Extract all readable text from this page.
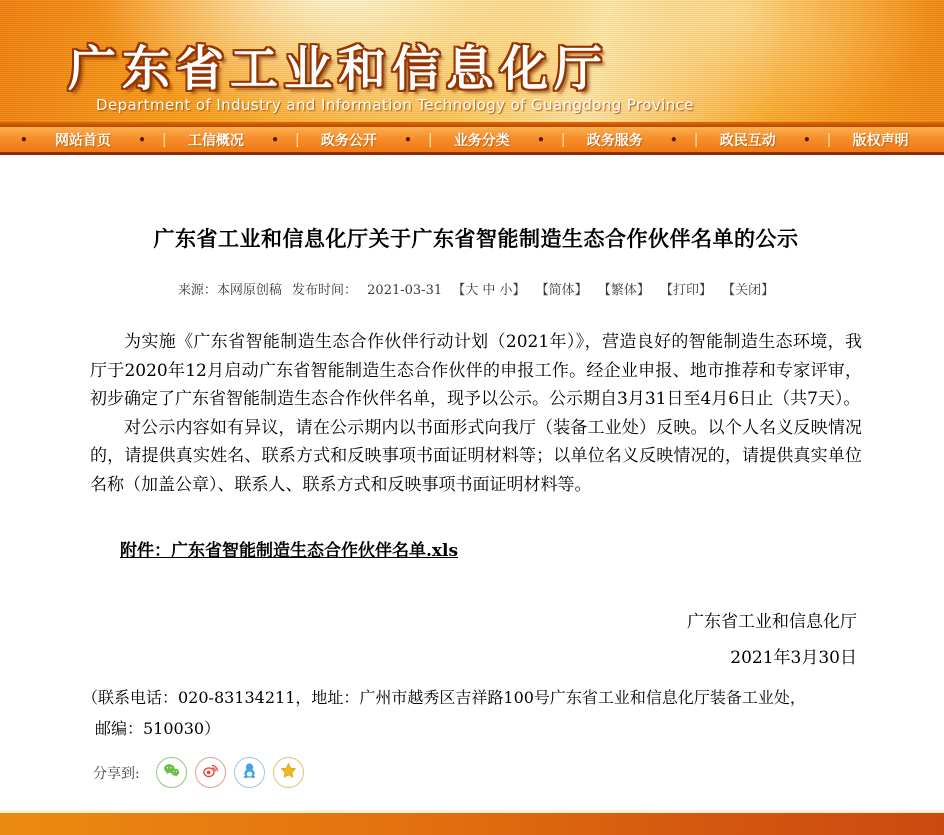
广东省工业和信息化厅
Department of Industry and Information Technology of Guangdong Province
• 网站首页	• | 工信概况	• | 政务公开	• | 业务分类	• | 政务服务	• | 政民互动	• | 版权声明
广东省工业和信息化厅关于广东省智能制造生态合作伙伴名单的公示
来源：本网原创稿 发布时间： 2021-03-31 【大 中 小】 【简体】 【繁体】 【打印】 【关闭】

为实施《广东省智能制造生态合作伙伴行动计划（2021年）》，营造良好的智能制造生态环境，我厅于2020年12月启动广东省智能制造生态合作伙伴的申报工作。经企业申报、地市推荐和专家评审，初步确定了广东省智能制造生态合作伙伴名单，现予以公示。公示期自3月31日至4月6日止（共7天）。

对公示内容如有异议，请在公示期内以书面形式向我厅（装备工业处）反映。以个人名义反映情况的，请提供真实姓名、联系方式和反映事项书面证明材料等；以单位名义反映情况的，请提供真实单位名称（加盖公章）、联系人、联系方式和反映事项书面证明材料等。

附件：广东省智能制造生态合作伙伴名单.xls
广东省工业和信息化厅
2021年3月30日
（联系电话：020-83134211，地址：广州市越秀区吉祥路100号广东省工业和信息化厅装备工业处，
邮编：510030）
分享到:
